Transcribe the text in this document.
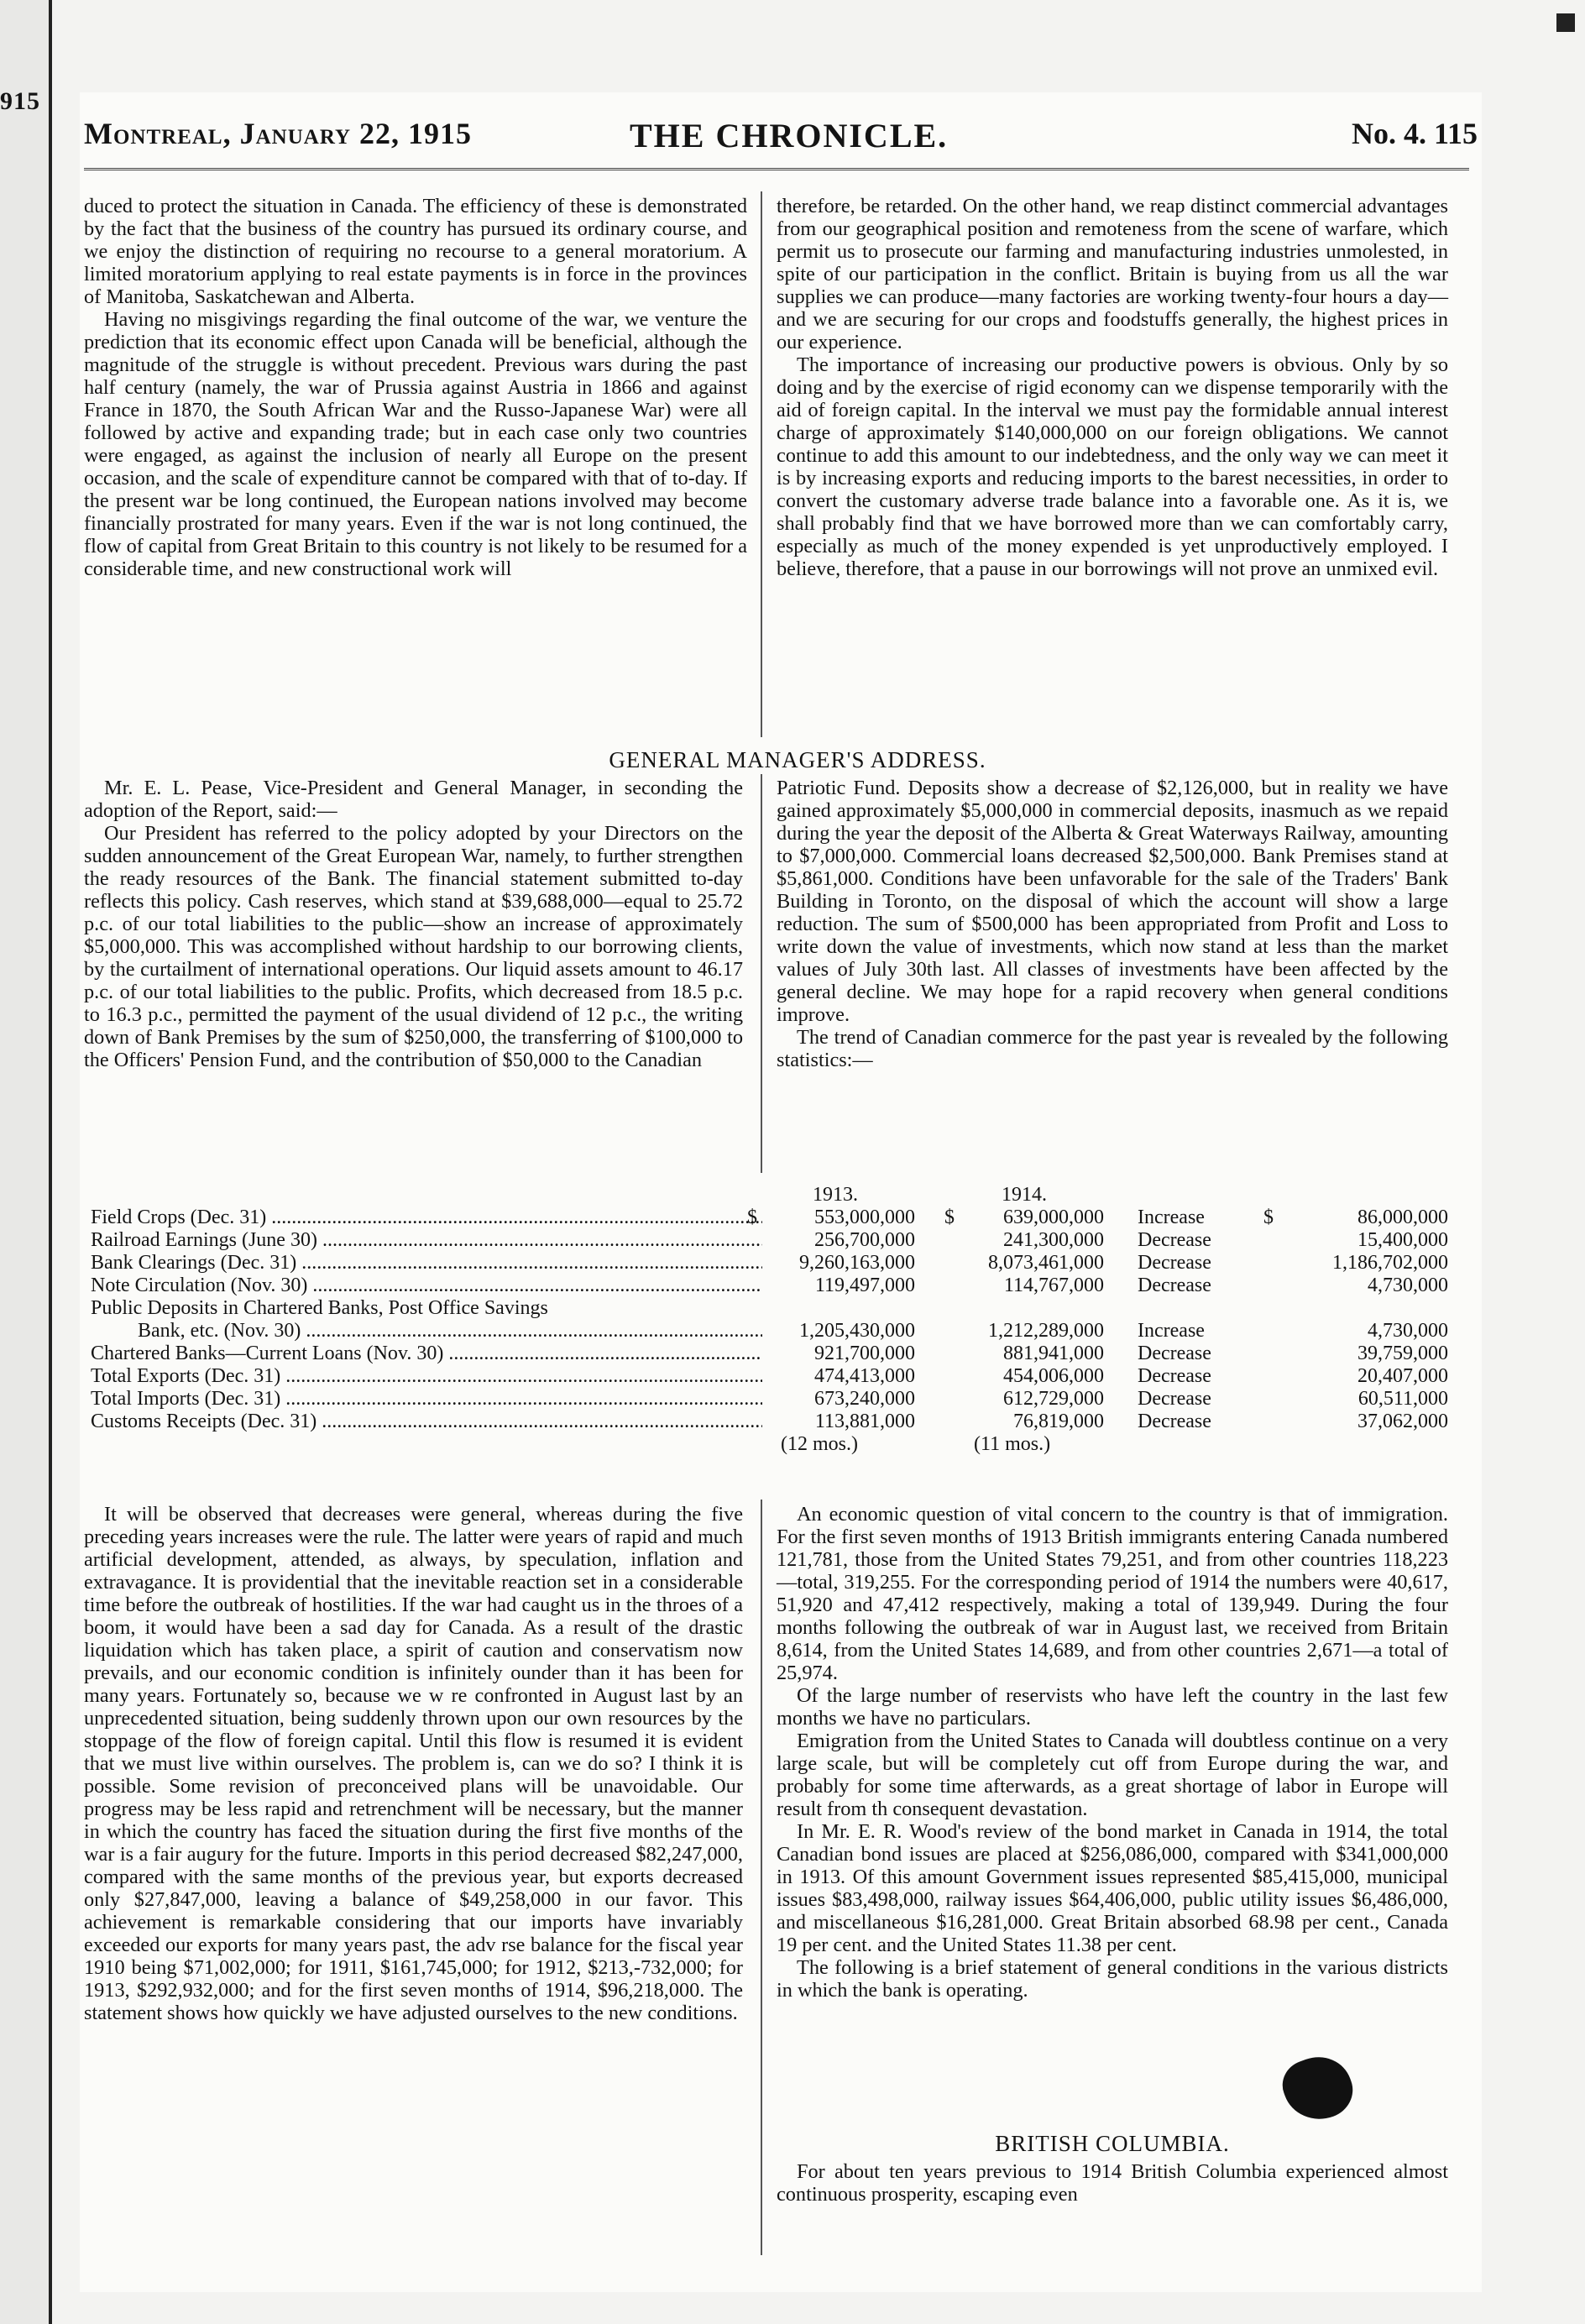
915
Montreal, January 22, 1915	THE CHRONICLE.	No. 4. 115

duced to protect the situation in Canada. The efficiency of these is demonstrated by the fact that the business of the country has pursued its ordinary course, and we enjoy the distinction of requiring no recourse to a general moratorium. A limited moratorium applying to real estate payments is in force in the provinces of Manitoba, Saskatchewan and Alberta.

Having no misgivings regarding the final outcome of the war, we venture the prediction that its economic effect upon Canada will be beneficial, although the magnitude of the struggle is without precedent. Previous wars during the past half century (namely, the war of Prussia against Austria in 1866 and against France in 1870, the South African War and the Russo-Japanese War) were all followed by active and expanding trade; but in each case only two countries were engaged, as against the inclusion of nearly all Europe on the present occasion, and the scale of expenditure cannot be compared with that of to-day. If the present war be long continued, the European nations involved may become financially prostrated for many years. Even if the war is not long continued, the flow of capital from Great Britain to this country is not likely to be resumed for a considerable time, and new constructional work will

therefore, be retarded. On the other hand, we reap distinct commercial advantages from our geographical position and remoteness from the scene of warfare, which permit us to prosecute our farming and manufacturing industries unmolested, in spite of our participation in the conflict. Britain is buying from us all the war supplies we can produce—many factories are working twenty-four hours a day—and we are securing for our crops and foodstuffs generally, the highest prices in our experience.

The importance of increasing our productive powers is obvious. Only by so doing and by the exercise of rigid economy can we dispense temporarily with the aid of foreign capital. In the interval we must pay the formidable annual interest charge of approximately $140,000,000 on our foreign obligations. We cannot continue to add this amount to our indebtedness, and the only way we can meet it is by increasing exports and reducing imports to the barest necessities, in order to convert the customary adverse trade balance into a favorable one. As it is, we shall probably find that we have borrowed more than we can comfortably carry, especially as much of the money expended is yet unproductively employed. I believe, therefore, that a pause in our borrowings will not prove an unmixed evil.

GENERAL MANAGER'S ADDRESS.

Mr. E. L. Pease, Vice-President and General Manager, in seconding the adoption of the Report, said:—

Our President has referred to the policy adopted by your Directors on the sudden announcement of the Great European War, namely, to further strengthen the ready resources of the Bank. The financial statement submitted to-day reflects this policy. Cash reserves, which stand at $39,688,000—equal to 25.72 p.c. of our total liabilities to the public—show an increase of approximately $5,000,000. This was accomplished without hardship to our borrowing clients, by the curtailment of international operations. Our liquid assets amount to 46.17 p.c. of our total liabilities to the public. Profits, which decreased from 18.5 p.c. to 16.3 p.c., permitted the payment of the usual dividend of 12 p.c., the writing down of Bank Premises by the sum of $250,000, the transferring of $100,000 to the Officers' Pension Fund, and the contribution of $50,000 to the Canadian

Patriotic Fund. Deposits show a decrease of $2,126,000, but in reality we have gained approximately $5,000,000 in commercial deposits, inasmuch as we repaid during the year the deposit of the Alberta & Great Waterways Railway, amounting to $7,000,000. Commercial loans decreased $2,500,000. Bank Premises stand at $5,861,000. Conditions have been unfavorable for the sale of the Traders' Bank Building in Toronto, on the disposal of which the account will show a large reduction. The sum of $500,000 has been appropriated from Profit and Loss to write down the value of investments, which now stand at less than the market values of July 30th last. All classes of investments have been affected by the general decline. We may hope for a rapid recovery when general conditions improve.

The trend of Canadian commerce for the past year is revealed by the following statistics:—

1913.	1914.
Field Crops (Dec. 31) .....	$	553,000,000 $	639,000,000 Increase	$	86,000,000
Railroad Earnings (June 30) .....	256,700,000	241,300,000 Decrease	15,400,000
Bank Clearings (Dec. 31) .....	9,260,163,000	8,073,461,000 Decrease	1,186,702,000
Note Circulation (Nov. 30) .....	119,497,000	114,767,000 Decrease	4,730,000
Public Deposits in Chartered Banks, Post Office Savings
Bank, etc. (Nov. 30) .....	1,205,430,000	1,212,289,000 Increase	4,730,000
Chartered Banks—Current Loans (Nov. 30) .....	921,700,000	881,941,000 Decrease	39,759,000
Total Exports (Dec. 31) .....	474,413,000	454,006,000 Decrease	20,407,000
Total Imports (Dec. 31) .....	673,240,000	612,729,000 Decrease	60,511,000
Customs Receipts (Dec. 31) .....	113,881,000	76,819,000 Decrease	37,062,000
(12 mos.)	(11 mos.)

It will be observed that decreases were general, whereas during the five preceding years increases were the rule. The latter were years of rapid and much artificial development, attended, as always, by speculation, inflation and extravagance. It is providential that the inevitable reaction set in a considerable time before the outbreak of hostilities. If the war had caught us in the throes of a boom, it would have been a sad day for Canada. As a result of the drastic liquidation which has taken place, a spirit of caution and conservatism now prevails, and our economic condition is infinitely ounder than it has been for many years. Fortunately so, because we w re confronted in August last by an unprecedented situation, being suddenly thrown upon our own resources by the stoppage of the flow of foreign capital. Until this flow is resumed it is evident that we must live within ourselves. The problem is, can we do so? I think it is possible. Some revision of preconceived plans will be unavoidable. Our progress may be less rapid and retrenchment will be necessary, but the manner in which the country has faced the situation during the first five months of the war is a fair augury for the future. Imports in this period decreased $82,247,000, compared with the same months of the previous year, but exports decreased only $27,847,000, leaving a balance of $49,258,000 in our favor. This achievement is remarkable considering that our imports have invariably exceeded our exports for many years past, the adv rse balance for the fiscal year 1910 being $71,002,000; for 1911, $161,745,000; for 1912, $213,-732,000; for 1913, $292,932,000; and for the first seven months of 1914, $96,218,000. The statement shows how quickly we have adjusted ourselves to the new conditions.

An economic question of vital concern to the country is that of immigration. For the first seven months of 1913 British immigrants entering Canada numbered 121,781, those from the United States 79,251, and from other countries 118,223—total, 319,255. For the corresponding period of 1914 the numbers were 40,617, 51,920 and 47,412 respectively, making a total of 139,949. During the four months following the outbreak of war in August last, we received from Britain 8,614, from the United States 14,689, and from other countries 2,671—a total of 25,974.

Of the large number of reservists who have left the country in the last few months we have no particulars.

Emigration from the United States to Canada will doubtless continue on a very large scale, but will be completely cut off from Europe during the war, and probably for some time afterwards, as a great shortage of labor in Europe will result from th consequent devastation.

In Mr. E. R. Wood's review of the bond market in Canada in 1914, the total Canadian bond issues are placed at $256,086,000, compared with $341,000,000 in 1913. Of this amount Government issues represented $85,415,000, municipal issues $83,498,000, railway issues $64,406,000, public utility issues $6,486,000, and miscellaneous $16,281,000. Great Britain absorbed 68.98 per cent., Canada 19 per cent. and the United States 11.38 per cent.

The following is a brief statement of general conditions in the various districts in which the bank is operating.

BRITISH COLUMBIA.

For about ten years previous to 1914 British Columbia experienced almost continuous prosperity, escaping even
